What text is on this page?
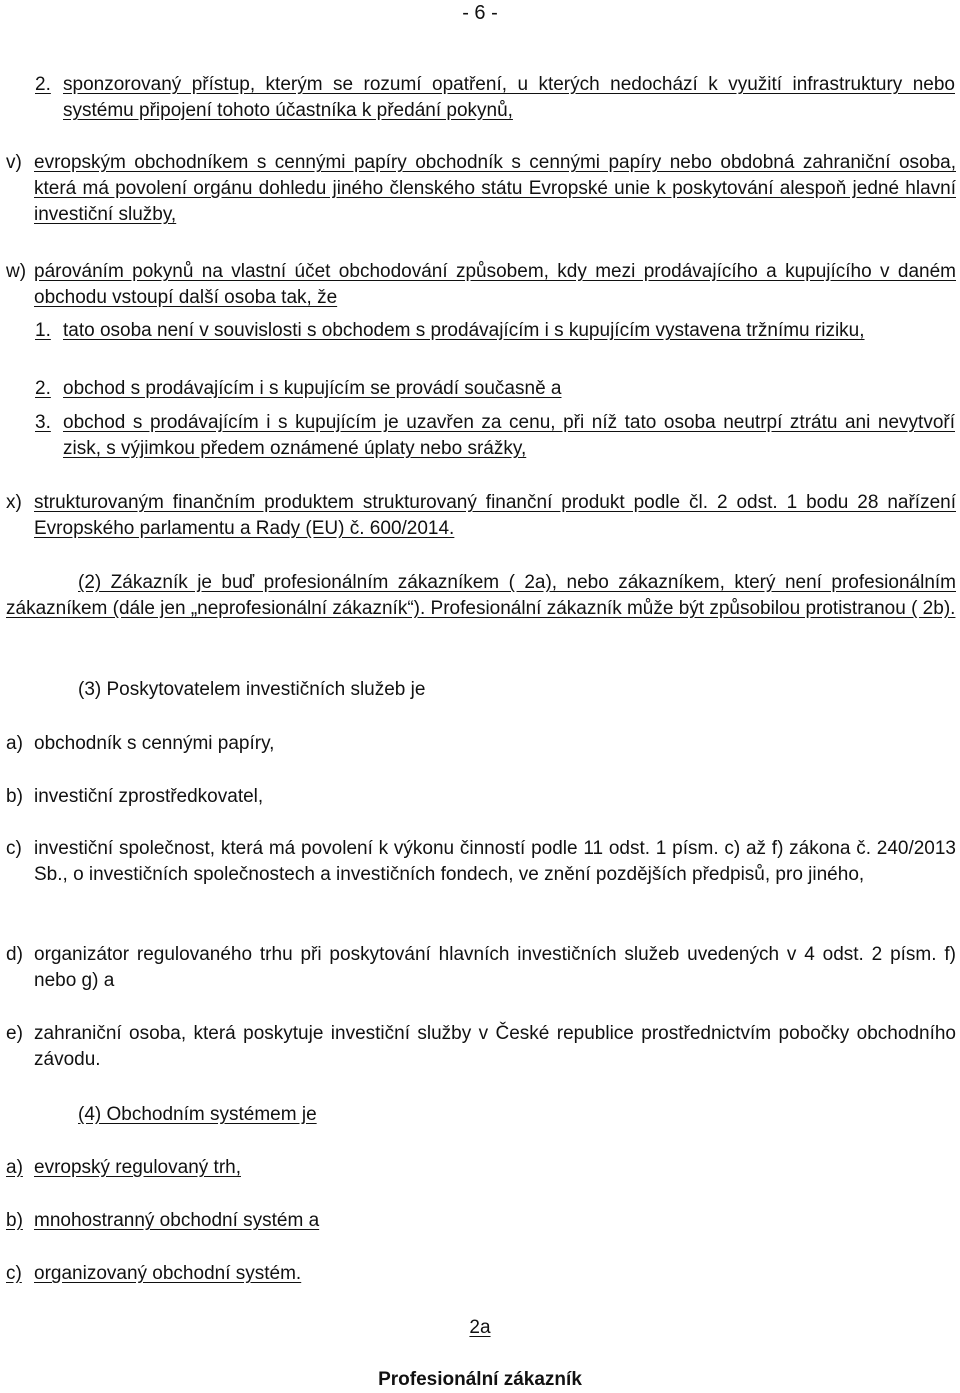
- 6 -
2. sponzorovaný přístup, kterým se rozumí opatření, u kterých nedochází k využití infrastruktury nebo systému připojení tohoto účastníka k předání pokynů,
v) evropským obchodníkem s cennými papíry obchodník s cennými papíry nebo obdobná zahraniční osoba, která má povolení orgánu dohledu jiného členského státu Evropské unie k poskytování alespoň jedné hlavní investiční služby,
w) párováním pokynů na vlastní účet obchodování způsobem, kdy mezi prodávajícího a kupujícího v daném obchodu vstoupí další osoba tak, že
1. tato osoba není v souvislosti s obchodem s prodávajícím i s kupujícím vystavena tržnímu riziku,
2. obchod s prodávajícím i s kupujícím se provádí současně a
3. obchod s prodávajícím i s kupujícím je uzavřen za cenu, při níž tato osoba neutrpí ztrátu ani nevytvoří zisk, s výjimkou předem oznámené úplaty nebo srážky,
x) strukturovaným finančním produktem strukturovaný finanční produkt podle čl. 2 odst. 1 bodu 28 nařízení Evropského parlamentu a Rady (EU) č. 600/2014.
(2) Zákazník je buď profesionálním zákazníkem ( 2a), nebo zákazníkem, který není profesionálním zákazníkem (dále jen „neprofesionální zákazník“). Profesionální zákazník může být způsobilou protistranou ( 2b).
(3) Poskytovatelem investičních služeb je
a) obchodník s cennými papíry,
b) investiční zprostředkovatel,
c) investiční společnost, která má povolení k výkonu činností podle 11 odst. 1 písm. c) až f) zákona č. 240/2013 Sb., o investičních společnostech a investičních fondech, ve znění pozdějších předpisů, pro jiného,
d) organizátor regulovaného trhu při poskytování hlavních investičních služeb uvedených v 4 odst. 2 písm. f) nebo g) a
e) zahraniční osoba, která poskytuje investiční služby v České republice prostřednictvím pobočky obchodního závodu.
(4) Obchodním systémem je
a) evropský regulovaný trh,
b) mnohostranný obchodní systém a
c) organizovaný obchodní systém.
2a
Profesionální zákazník
